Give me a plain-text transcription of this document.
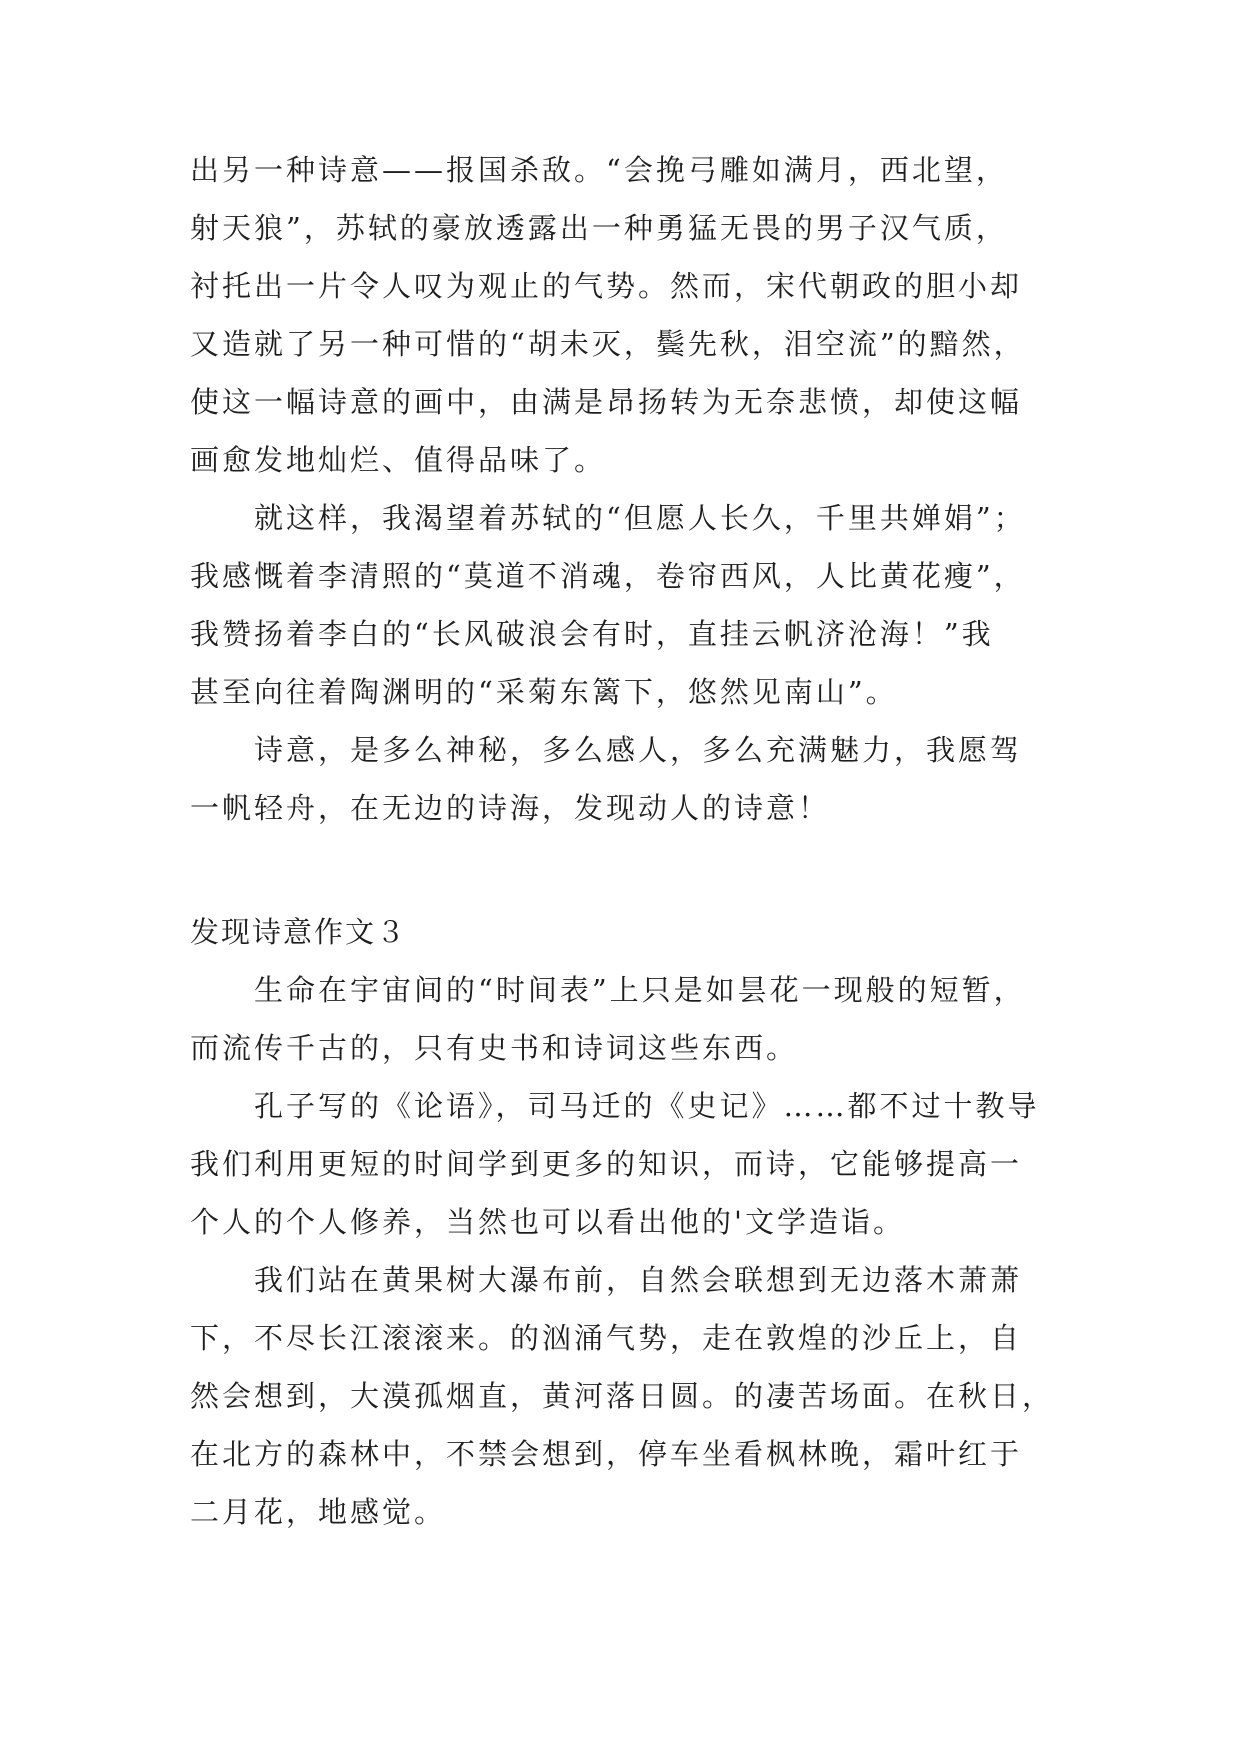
出另一种诗意——报国杀敌。“会挽弓雕如满月，西北望，
射天狼”，苏轼的豪放透露出一种勇猛无畏的男子汉气质，
衬托出一片令人叹为观止的气势。然而，宋代朝政的胆小却
又造就了另一种可惜的“胡未灭，鬓先秋，泪空流”的黯然，
使这一幅诗意的画中，由满是昂扬转为无奈悲愤，却使这幅
画愈发地灿烂、值得品味了。
就这样，我渴望着苏轼的“但愿人长久，千里共婵娟”；
我感慨着李清照的“莫道不消魂，卷帘西风，人比黄花瘦”，
我赞扬着李白的“长风破浪会有时，直挂云帆济沧海！”我
甚至向往着陶渊明的“采菊东篱下，悠然见南山”。
诗意，是多么神秘，多么感人，多么充满魅力，我愿驾
一帆轻舟，在无边的诗海，发现动人的诗意！
发现诗意作文３
生命在宇宙间的“时间表”上只是如昙花一现般的短暂，
而流传千古的，只有史书和诗词这些东西。
孔子写的《论语》，司马迁的《史记》……都不过十教导
我们利用更短的时间学到更多的知识，而诗，它能够提高一
个人的个人修养，当然也可以看出他的'文学造诣。
我们站在黄果树大瀑布前，自然会联想到无边落木萧萧
下，不尽长江滚滚来。的汹涌气势，走在敦煌的沙丘上，自
然会想到，大漠孤烟直，黄河落日圆。的凄苦场面。在秋日，
在北方的森林中，不禁会想到，停车坐看枫林晚，霜叶红于
二月花，地感觉。
